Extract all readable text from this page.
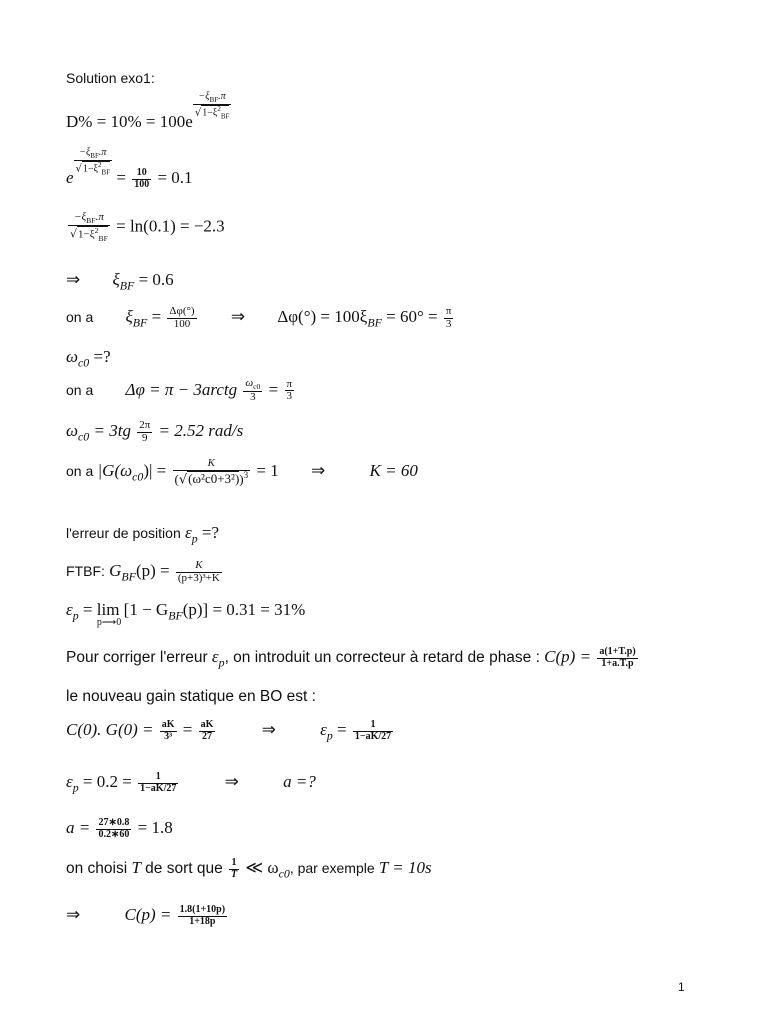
Solution exo1:
D% = 10% = 100e
$\frac{-\xi_{BF}.\pi}{√1-\xi^2_{BF}}$
e
$\frac{-\xi_{BF}.\pi}{√1-\xi^2_{BF}}$
= $\frac{10}{100} = 0.1$
$\frac{-\xi_{BF}.\pi}{√1-\xi^2_{BF}} = \ln(0.1) = -2.3$
⇒ $\xi_{BF} = 0.6$
on a $\xi_{BF} = \frac{\Delta\varphi(^\circ)}{100}$ ⇒ $\Delta\varphi(^\circ) = 100\xi_{BF} = 60^\circ = \frac{\pi}{3}$
$\omega_{c0}$ =?
on a Δφ = π − 3arctg $\frac{\omega_{c0}}{3} = \frac{\pi}{3}$
$\omega_{c0} = 3tg \frac{2\pi}{9} = 2.52$ rad/s
on a $|G(\omega_{c0})| = \frac{K}{(√(\omega^2c0+3^2))^3} = 1$ ⇒	K = 60
l'erreur de position $\varepsilon_p$ =?
FTBF: $G_{BF}(p) = \frac{K}{\text{(p+3)³+K}}$
$\varepsilon_p = \lim$
p⟶0
$[1 - G_{BF}(p)] = 0.31 = 31\%$
Pour corriger l'erreur $\varepsilon_p$, on introduit un correcteur à retard de phase : $C(p) = \frac{a(1+T.p)}{1+a.T.p}$
le nouveau gain statique en BO est :
C(0). $G(0) = \frac{aK}{\text{3³}} = \frac{aK}{27}$	⇒	$\varepsilon_p = \frac{1}{1-aK/27}$
$\varepsilon_p = 0.2 = \frac{1}{1-aK/27}$	⇒	a =?
$a = \frac{27∗0.8}{0.2∗60} = 1.8$
on choisi T de sort que $\frac{1}{T}$ ≪ $\omega_{c0}$, par exemple T = 10s
⇒	$C(p) = \frac{1.8(1+10p)}{1+18p}$
1
